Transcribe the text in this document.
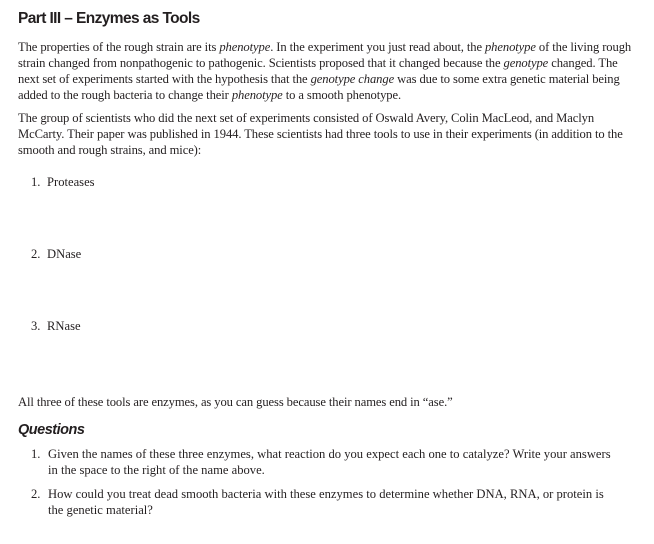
Part III – Enzymes as Tools

The properties of the rough strain are its phenotype. In the experiment you just read about, the phenotype of the living rough strain changed from nonpathogenic to pathogenic. Scientists proposed that it changed because the genotype changed. The next set of experiments started with the hypothesis that the genotype change was due to some extra genetic material being added to the rough bacteria to change their phenotype to a smooth phenotype.

The group of scientists who did the next set of experiments consisted of Oswald Avery, Colin MacLeod, and Maclyn McCarty. Their paper was published in 1944. These scientists had three tools to use in their experiments (in addition to the smooth and rough strains, and mice):

1. Proteases
2. DNase
3. RNase

All three of these tools are enzymes, as you can guess because their names end in “ase.”

Questions
1. Given the names of these three enzymes, what reaction do you expect each one to catalyze? Write your answers in the space to the right of the name above.
2. How could you treat dead smooth bacteria with these enzymes to determine whether DNA, RNA, or protein is the genetic material?
